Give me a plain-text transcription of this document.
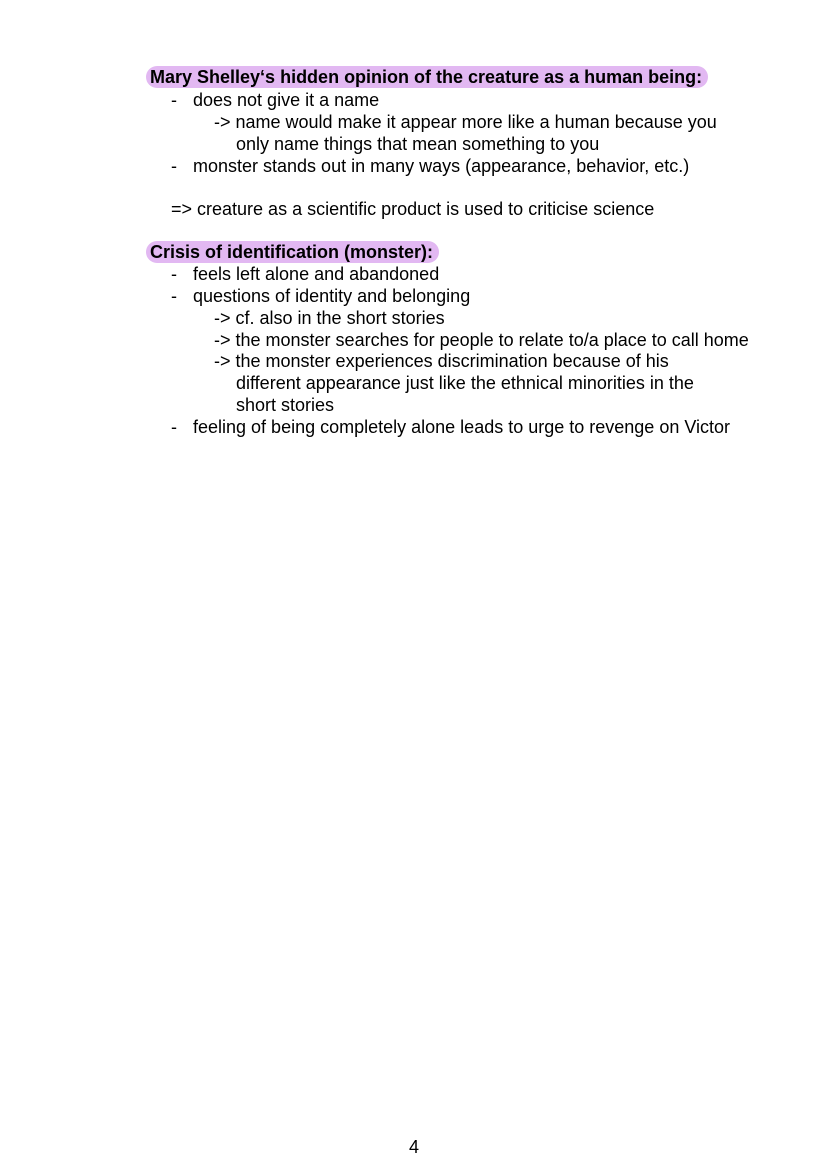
Mary Shelley‘s hidden opinion of the creature as a human being:
- does not give it a name
-> name would make it appear more like a human because you
only name things that mean something to you
- monster stands out in many ways (appearance, behavior, etc.)
=> creature as a scientific product is used to criticise science
Crisis of identification (monster):
- feels left alone and abandoned
- questions of identity and belonging
-> cf. also in the short stories
-> the monster searches for people to relate to/a place to call home
-> the monster experiences discrimination because of his
different appearance just like the ethnical minorities in the
short stories
- feeling of being completely alone leads to urge to revenge on Victor
4
